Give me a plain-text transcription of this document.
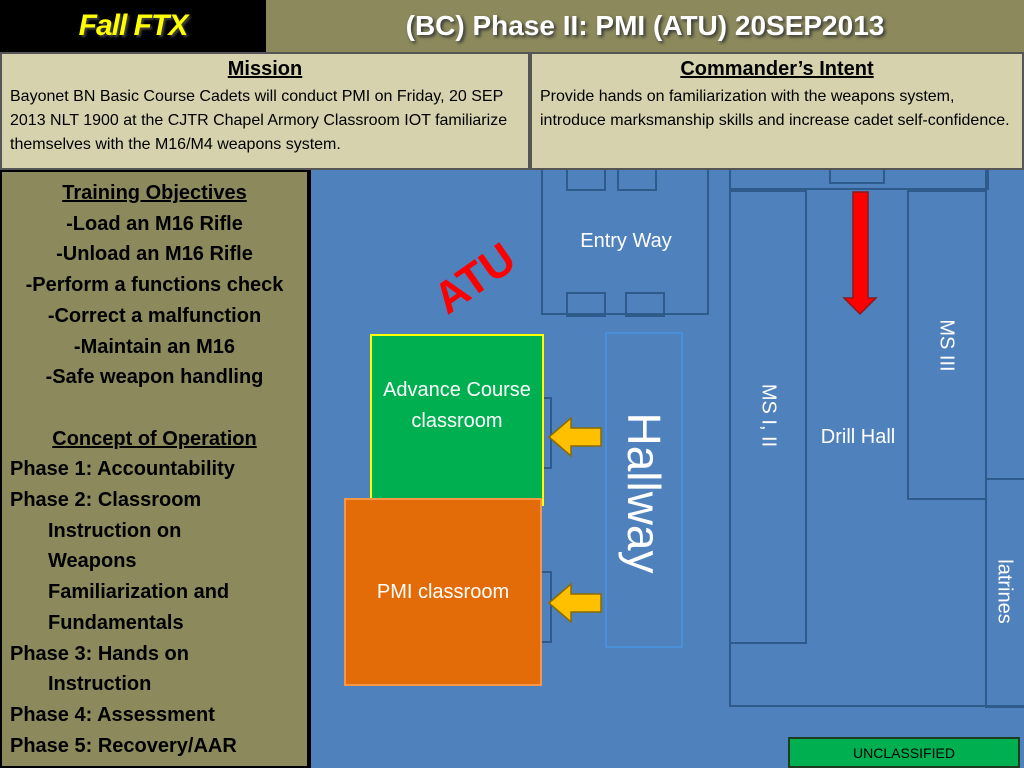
Fall FTX	(BC) Phase II: PMI (ATU) 20SEP2013
Mission

Bayonet BN Basic Course Cadets will conduct PMI on Friday, 20 SEP 2013 NLT 1900 at the CJTR Chapel Armory Classroom IOT familiarize themselves with the M16/M4 weapons system.

Commander’s Intent

Provide hands on familiarization with the weapons system, introduce marksmanship skills and increase cadet self-confidence.

Training Objectives
-Load an M16 Rifle
-Unload an M16 Rifle
-Perform a functions check
-Correct a malfunction
-Maintain an M16
-Safe weapon handling
Concept of Operation
Phase 1: Accountability
Phase 2: Classroom
Instruction on
Weapons
Familiarization and
Fundamentals
Phase 3: Hands on
Instruction
Phase 4: Assessment
Phase 5: Recovery/AAR
Entry Way
Drill Hall
MS I, II
MS III
latrines
ATU
Hallway
Advance Course classroom
PMI classroom
UNCLASSIFIED
